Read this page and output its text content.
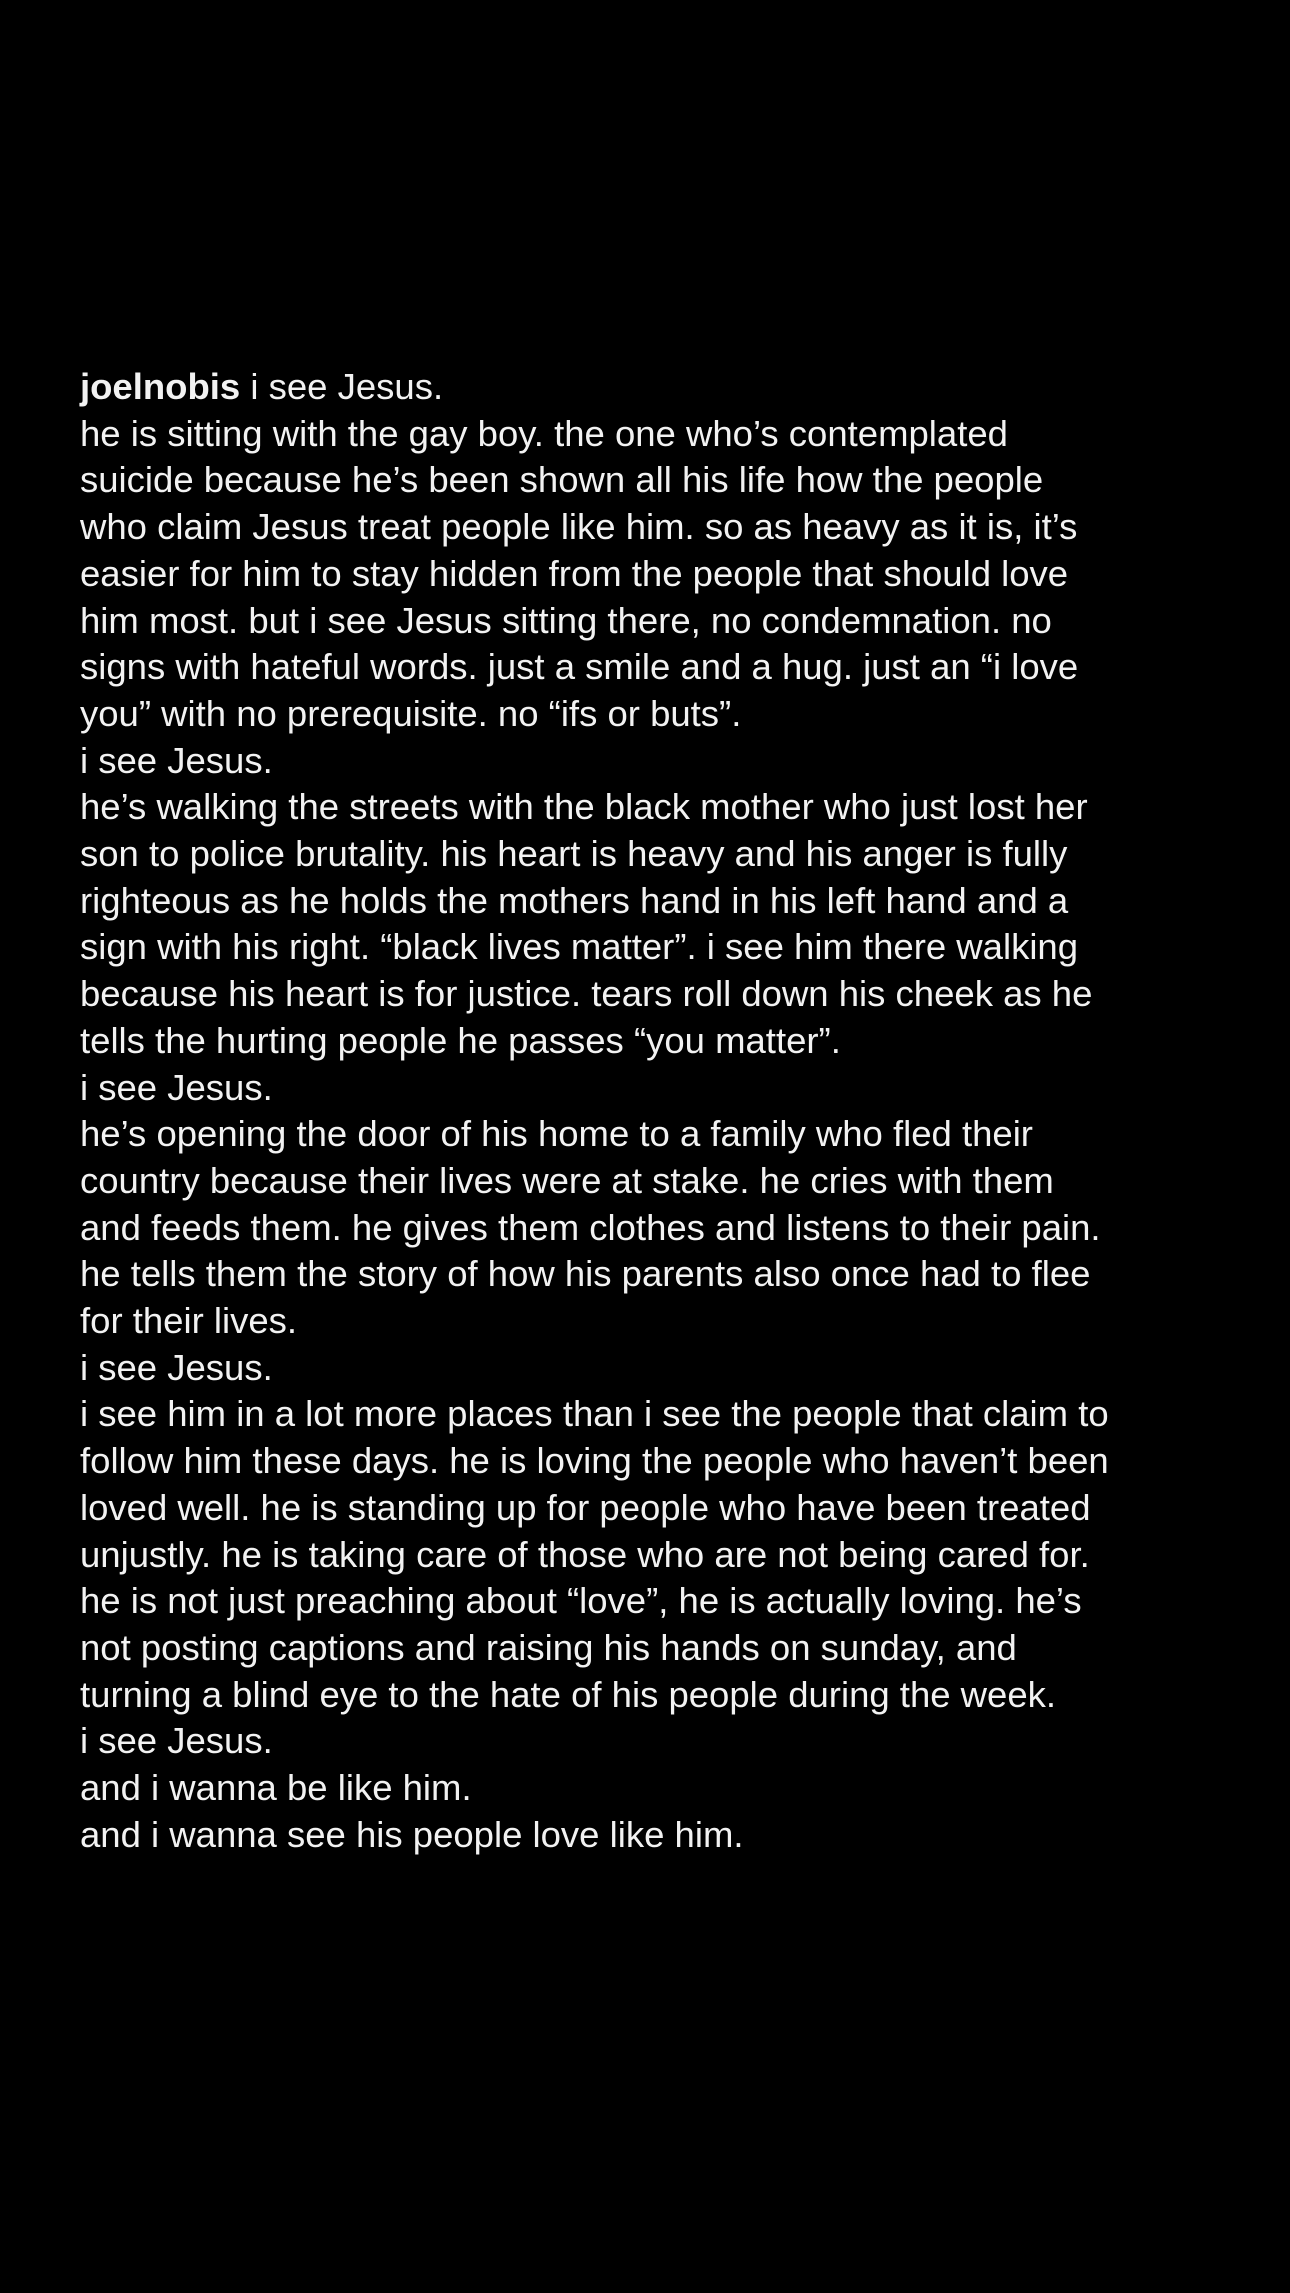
joelnobis i see Jesus.
he is sitting with the gay boy. the one who’s contemplated
suicide because he’s been shown all his life how the people
who claim Jesus treat people like him. so as heavy as it is, it’s
easier for him to stay hidden from the people that should love
him most. but i see Jesus sitting there, no condemnation. no
signs with hateful words. just a smile and a hug. just an “i love
you” with no prerequisite. no “ifs or buts”.
i see Jesus.
he’s walking the streets with the black mother who just lost her
son to police brutality. his heart is heavy and his anger is fully
righteous as he holds the mothers hand in his left hand and a
sign with his right. “black lives matter”. i see him there walking
because his heart is for justice. tears roll down his cheek as he
tells the hurting people he passes “you matter”.
i see Jesus.
he’s opening the door of his home to a family who fled their
country because their lives were at stake. he cries with them
and feeds them. he gives them clothes and listens to their pain.
he tells them the story of how his parents also once had to flee
for their lives.
i see Jesus.
i see him in a lot more places than i see the people that claim to
follow him these days. he is loving the people who haven’t been
loved well. he is standing up for people who have been treated
unjustly. he is taking care of those who are not being cared for.
he is not just preaching about “love”, he is actually loving. he’s
not posting captions and raising his hands on sunday, and
turning a blind eye to the hate of his people during the week.
i see Jesus.
and i wanna be like him.
and i wanna see his people love like him.
